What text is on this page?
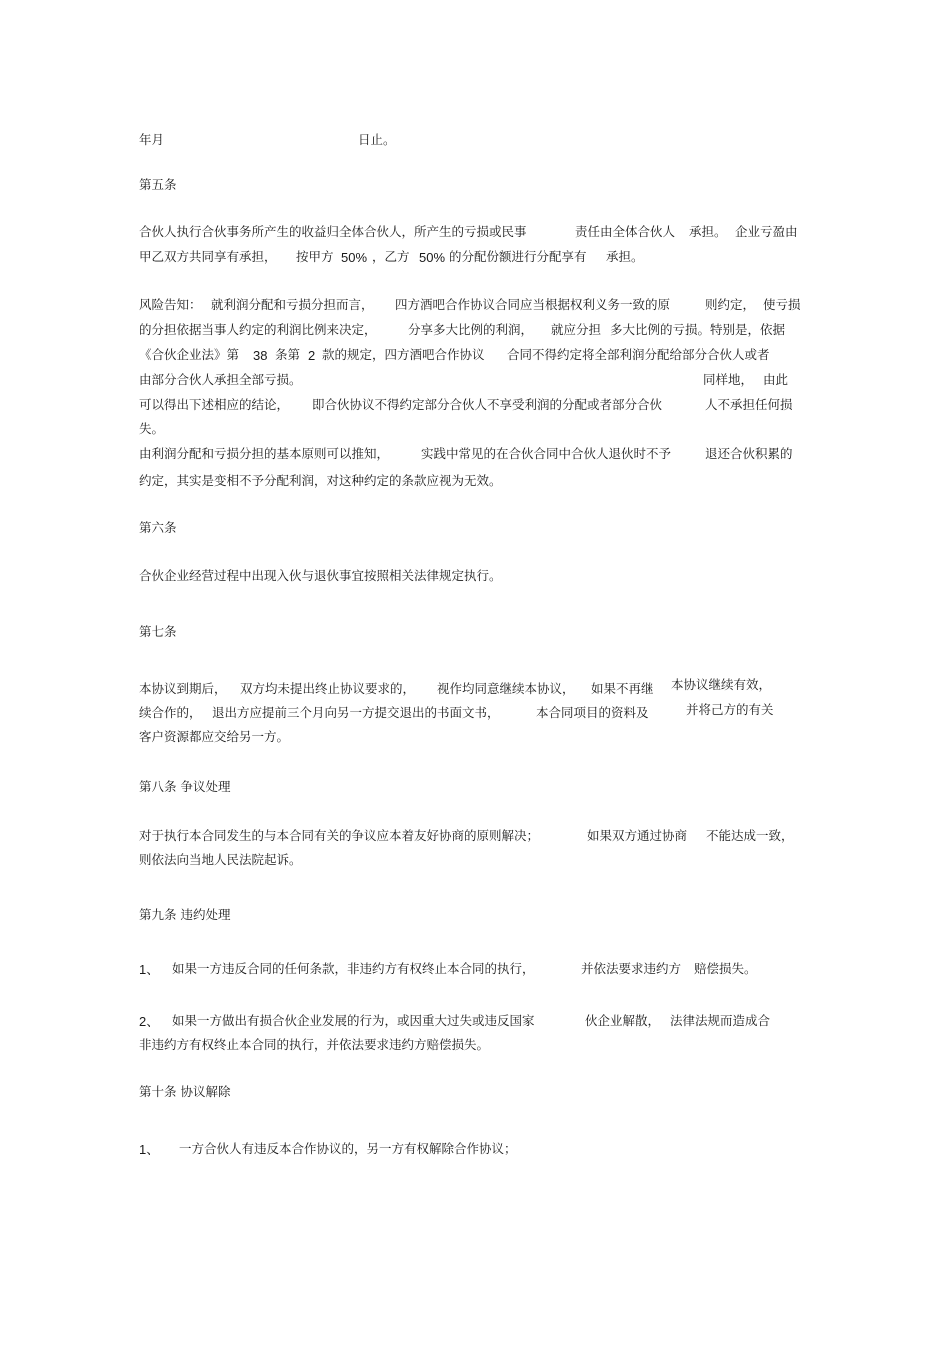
年月	日止。
第五条
合伙人执行合伙事务所产生的收益归全体合伙人，所产生的亏损或民事	责任由全体合伙人 承担。 企业亏盈由
甲乙双方共同享有承担， 按甲方 50% ，乙方 50% 的分配份额进行分配享有 承担。
风险告知： 就利润分配和亏损分担而言， 四方酒吧合作协议合同应当根据权利义务一致的原	则约定， 使亏损
的分担依据当事人约定的利润比例来决定，	分享多大比例的利润， 就应分担 多大比例的亏损。特别是，依据
《合伙企业法》第 38 条第 2 款的规定，四方酒吧合作协议 合同不得约定将全部利润分配给部分合伙人或者
由部分合伙人承担全部亏损。	同样地， 由此
可以得出下述相应的结论， 即合伙协议不得约定部分合伙人不享受利润的分配或者部分合伙	人不承担任何损
失。
由利润分配和亏损分担的基本原则可以推知，	实践中常见的在合伙合同中合伙人退伙时不予	退还合伙积累的
约定，其实是变相不予分配利润，对这种约定的条款应视为无效。
第六条
合伙企业经营过程中出现入伙与退伙事宜按照相关法律规定执行。
第七条
本协议到期后， 双方均未提出终止协议要求的， 视作均同意继续本协议， 如果不再继 本协议继续有效，
续合作的， 退出方应提前三个月向另一方提交退出的书面文书，	本合同项目的资料及	并将己方的有关
客户资源都应交给另一方。
第八条 争议处理
对于执行本合同发生的与本合同有关的争议应本着友好协商的原则解决；	如果双方通过协商 不能达成一致，
则依法向当地人民法院起诉。
第九条 违约处理
1、 如果一方违反合同的任何条款，非违约方有权终止本合同的执行，	并依法要求违约方 赔偿损失。
2、 如果一方做出有损合伙企业发展的行为，或因重大过失或违反国家	伙企业解散， 法律法规而造成合
非违约方有权终止本合同的执行，并依法要求违约方赔偿损失。
第十条 协议解除
1、 一方合伙人有违反本合作协议的，另一方有权解除合作协议；
